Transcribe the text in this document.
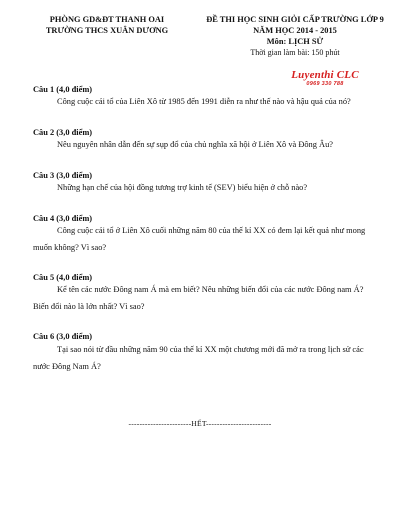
PHÒNG GD&ĐT THANH OAI
TRƯỜNG THCS XUÂN DƯƠNG
ĐỀ THI HỌC SINH GIỎI CẤP TRƯỜNG LỚP 9
NĂM HỌC 2014 - 2015
Môn: LỊCH SỬ
Thời gian làm bài: 150 phút
Luyenthi CLC
0969 330 788
Câu 1 (4,0 điểm)
Công cuộc cải tổ của Liên Xô từ 1985 đến 1991 diễn ra như thế nào và hậu quả của nó?
Câu 2 (3,0 điểm)
Nêu nguyên nhân dẫn đến sự sụp đổ của chủ nghĩa xã hội ở Liên Xô và Đông Âu?
Câu 3 (3,0 điểm)
Những hạn chế của hội đồng tương trợ kinh tế (SEV) biểu hiện ở chỗ nào?
Câu 4 (3,0 điểm)
Công cuộc cải tổ ở Liên Xô cuối những năm 80 của thế kỉ XX có đem lại kết quả như mong muốn không? Vì sao?
Câu 5 (4,0 điểm)
Kể tên các nước Đông nam Á mà em biết? Nêu những biến đổi của các nước Đông nam Á? Biến đổi nào là lớn nhất? Vì sao?
Câu 6 (3,0 điểm)
Tại sao nói từ đầu những năm 90 của thế kỉ XX một chương mới đã mở ra trong lịch sử các nước Đông Nam Á?
-----------------------HẾT------------------------
